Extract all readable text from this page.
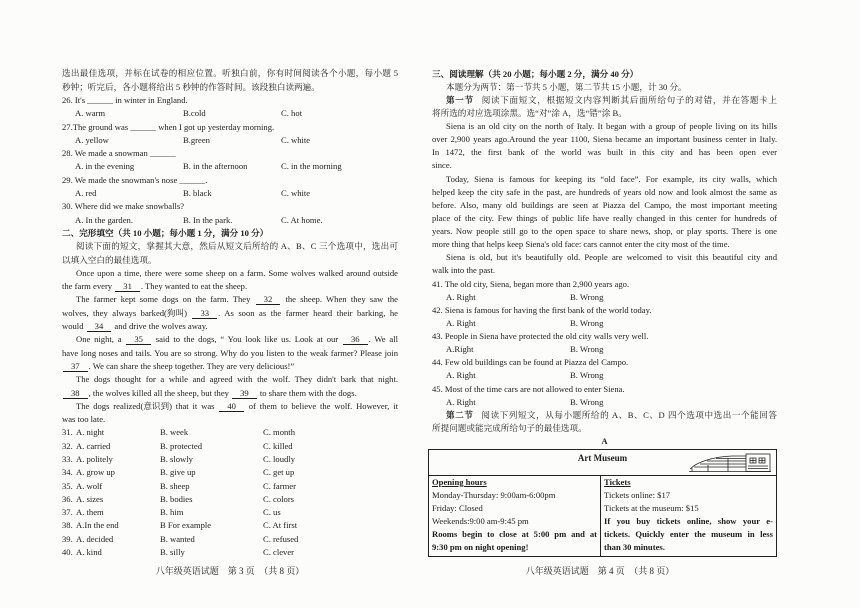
选出最佳选项，并标在试卷的相应位置。听独白前，你有时间阅读各个小题，每小题 5
秒钟；听完后，各小题将给出 5 秒钟的作答时间。该段独白读两遍。
26. It's ______ in winter in England.
A. warm	B.cold	C. hot
27.The ground was ______ when I got up yesterday morning.
A. yellow	B.green	C. white
28. We made a snowman ______
A. in the evening	B. in the afternoon	C. in the morning
29. We made the snowman's nose ______.
A. red	B. black	C. white
30. Where did we make snowballs?
A. In the garden.	B. In the park.	C. At home.
二、完形填空（共 10 小题；每小题 1 分，满分 10 分）
阅读下面的短文，掌握其大意，然后从短文后所给的 A、B、C 三个选项中，选出可
以填入空白的最佳选项。
Once upon a time, there were some sheep on a farm. Some wolves walked around outside
the farm every 31 . They wanted to eat the sheep.
The farmer kept some dogs on the farm. They 32 the sheep. When they saw the
wolves, they always barked(狗叫) 33 . As soon as the farmer heard their barking, he
would 34 and drive the wolves away.
One night, a 35 said to the dogs, “ You look like us. Look at our 36 . We all
have long noses and tails. You are so strong. Why do you listen to the weak farmer? Please join
37 . We can share the sheep together. They are very delicious!”
The dogs thought for a while and agreed with the wolf. They didn't bark that night.
38 , the wolves killed all the sheep, but they 39 to share them with the dogs.
The dogs realized(意识到) that it was 40 of them to believe the wolf. However, it
was too late.
31. A. night	B. week	C. month
32. A. carried	B. protected	C. killed
33. A. politely	B. slowly	C. loudly
34. A. grow up	B. give up	C. get up
35. A. wolf	B. sheep	C. farmer
36. A. sizes	B. bodies	C. colors
37. A. them	B. him	C. us
38. A.In the end	B For example	C. At first
39. A. decided	B. wanted	C. refused
40. A. kind	B. silly	C. clever
三、阅读理解（共 20 小题；每小题 2 分，满分 40 分）
本题分为两节：第一节共 5 小题，第二节共 15 小题，计 30 分。
第一节 阅读下面短文，根据短文内容判断其后面所给句子的对错，并在答题卡上
将所选的对应选项涂黑。选“对”涂 A，选“错”涂 B。
Siena is an old city on the north of Italy. It began with a group of people living on its hills
over 2,900 years ago.Around the year 1100, Siena became an important business center in Italy.
In 1472, the first bank of the world was built in this city and has been open ever
since.
Today, Siena is famous for keeping its “old face”. For example, its city walls, which
helped keep the city safe in the past, are hundreds of years old now and look almost the same as
before. Also, many old buildings are seen at Piazza del Campo, the most important meeting
place of the city. Few things of public life have really changed in this center for hundreds of
years. Now people still go to the open space to share news, shop, or play sports. There is one
more thing that helps keep Siena's old face: cars cannot enter the city most of the time.
Siena is old, but it's beautifully old. People are welcomed to visit this beautiful city and
walk into the past.
41. The old city, Siena, began more than 2,900 years ago.
A. Right	B. Wrong
42. Siena is famous for having the first bank of the world today.
A. Right	B. Wrong
43. People in Siena have protected the old city walls very well.
A.Right	B. Wrong
44. Few old buildings can be found at Piazza del Campo.
A. Right	B. Wrong
45. Most of the time cars are not allowed to enter Siena.
A. Right	B. Wrong
第二节 阅读下列短文，从每小题所给的 A、B、C、D 四个选项中选出一个能回答
所提问题或能完成所给句子的最佳选项。
A
Art Museum
Opening hours
Monday-Thursday: 9:00am-6:00pm
Friday: Closed
Weekends:9:00 am-9:45 pm
Rooms begin to close at 5:00 pm and at
9:30 pm on night opening!
Tickets
Tickets online: $17
Tickets at the museum: $15
If you buy tickets online, show your e-
tickets. Quickly enter the museum in less
than 30 minutes.
八年级英语试题　第 3 页　（共 8 页）	八年级英语试题　第 4 页　（共 8 页）
